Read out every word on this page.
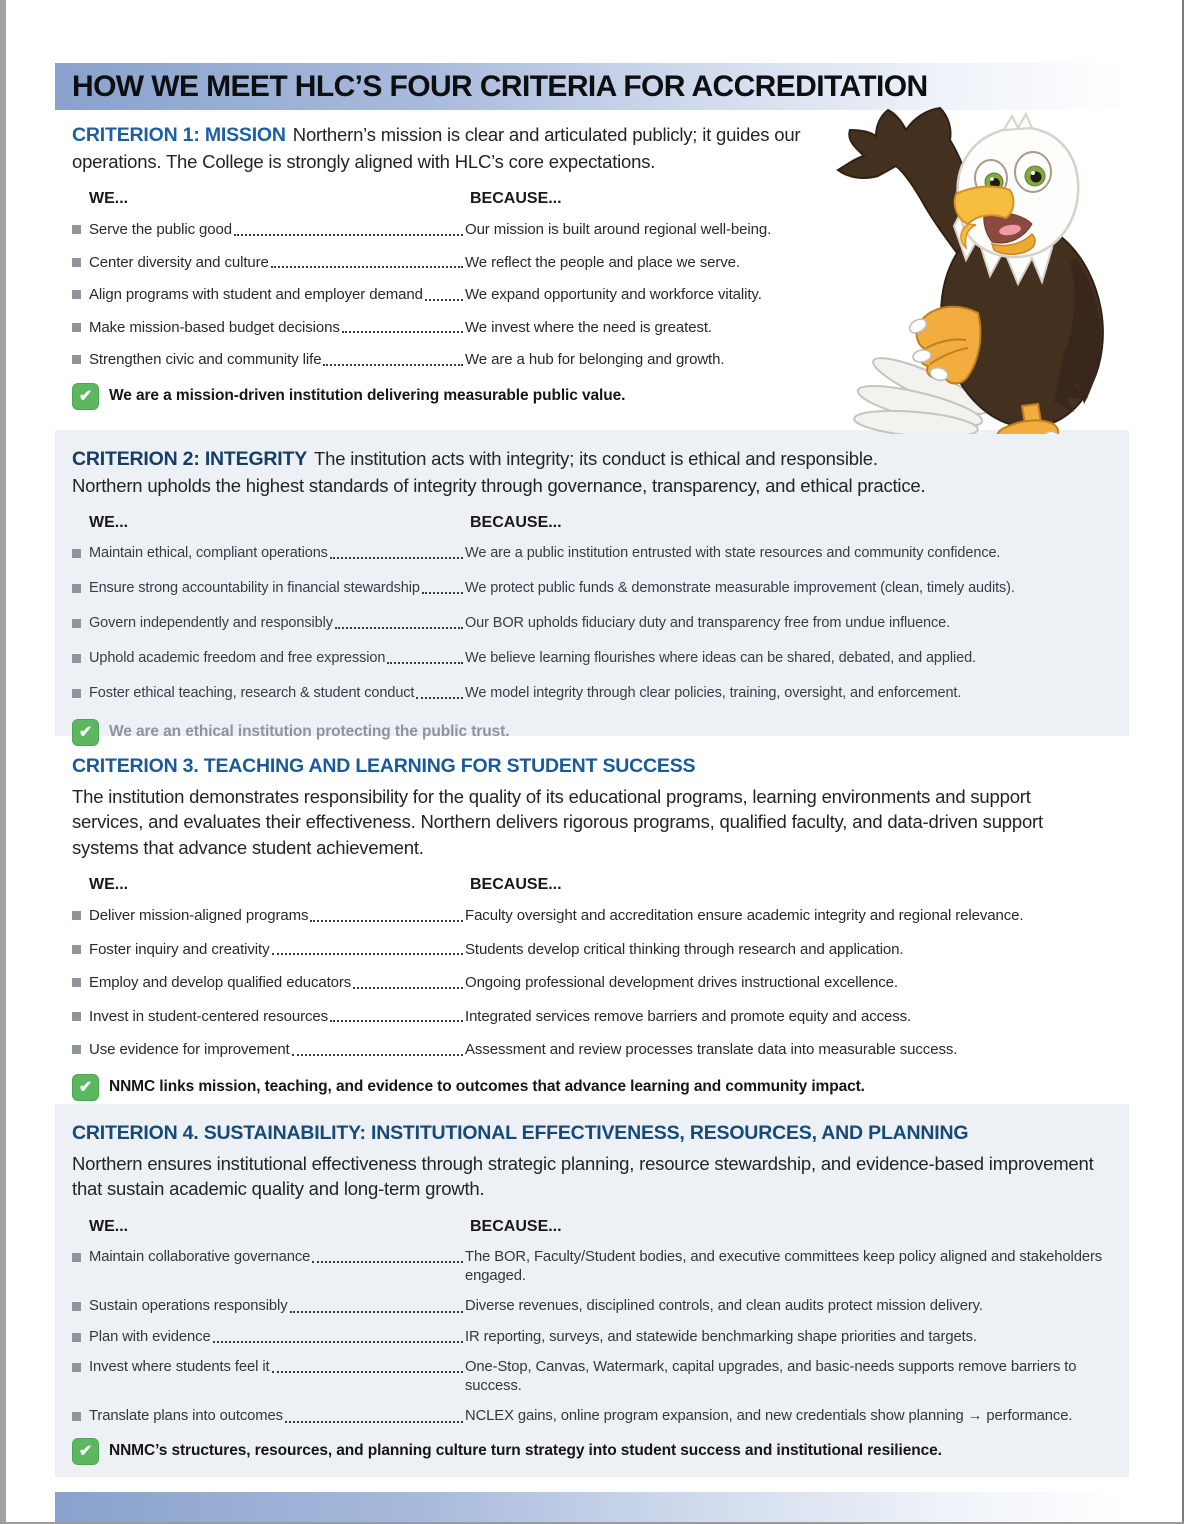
HOW WE MEET HLC’S FOUR CRITERIA FOR ACCREDITATION

CRITERION 1: MISSION Northern’s mission is clear and articulated publicly; it guides our operations. The College is strongly aligned with HLC’s core expectations.

WE...	BECAUSE...
Serve the public good	Our mission is built around regional well-being.
Center diversity and culture	We reflect the people and place we serve.
Align programs with student and employer demand	We expand opportunity and workforce vitality.
Make mission-based budget decisions	We invest where the need is greatest.
Strengthen civic and community life	We are a hub for belonging and growth.
✔	We are a mission-driven institution delivering measurable public value.

CRITERION 2: INTEGRITY The institution acts with integrity; its conduct is ethical and responsible.
Northern upholds the highest standards of integrity through governance, transparency, and ethical practice.

WE...	BECAUSE...
Maintain ethical, compliant operations	We are a public institution entrusted with state resources and community confidence.
Ensure strong accountability in financial stewardship	We protect public funds & demonstrate measurable improvement (clean, timely audits).
Govern independently and responsibly	Our BOR upholds fiduciary duty and transparency free from undue influence.
Uphold academic freedom and free expression	We believe learning flourishes where ideas can be shared, debated, and applied.
Foster ethical teaching, research & student conduct	We model integrity through clear policies, training, oversight, and enforcement.
✔	We are an ethical institution protecting the public trust.

CRITERION 3. TEACHING AND LEARNING FOR STUDENT SUCCESS
The institution demonstrates responsibility for the quality of its educational programs, learning environments and support services, and evaluates their effectiveness. Northern delivers rigorous programs, qualified faculty, and data-driven support systems that advance student achievement.

WE...	BECAUSE...
Deliver mission-aligned programs	Faculty oversight and accreditation ensure academic integrity and regional relevance.
Foster inquiry and creativity	Students develop critical thinking through research and application.
Employ and develop qualified educators	Ongoing professional development drives instructional excellence.
Invest in student-centered resources	Integrated services remove barriers and promote equity and access.
Use evidence for improvement	Assessment and review processes translate data into measurable success.
✔	NNMC links mission, teaching, and evidence to outcomes that advance learning and community impact.

CRITERION 4. SUSTAINABILITY: INSTITUTIONAL EFFECTIVENESS, RESOURCES, AND PLANNING
Northern ensures institutional effectiveness through strategic planning, resource stewardship, and evidence-based improvement that sustain academic quality and long-term growth.

WE...	BECAUSE...
Maintain collaborative governance	The BOR, Faculty/Student bodies, and executive committees keep policy aligned and stakeholders engaged.
Sustain operations responsibly	Diverse revenues, disciplined controls, and clean audits protect mission delivery.
Plan with evidence	IR reporting, surveys, and statewide benchmarking shape priorities and targets.
Invest where students feel it	One-Stop, Canvas, Watermark, capital upgrades, and basic-needs supports remove barriers to success.
Translate plans into outcomes	NCLEX gains, online program expansion, and new credentials show planning → performance.
✔	NNMC’s structures, resources, and planning culture turn strategy into student success and institutional resilience.
